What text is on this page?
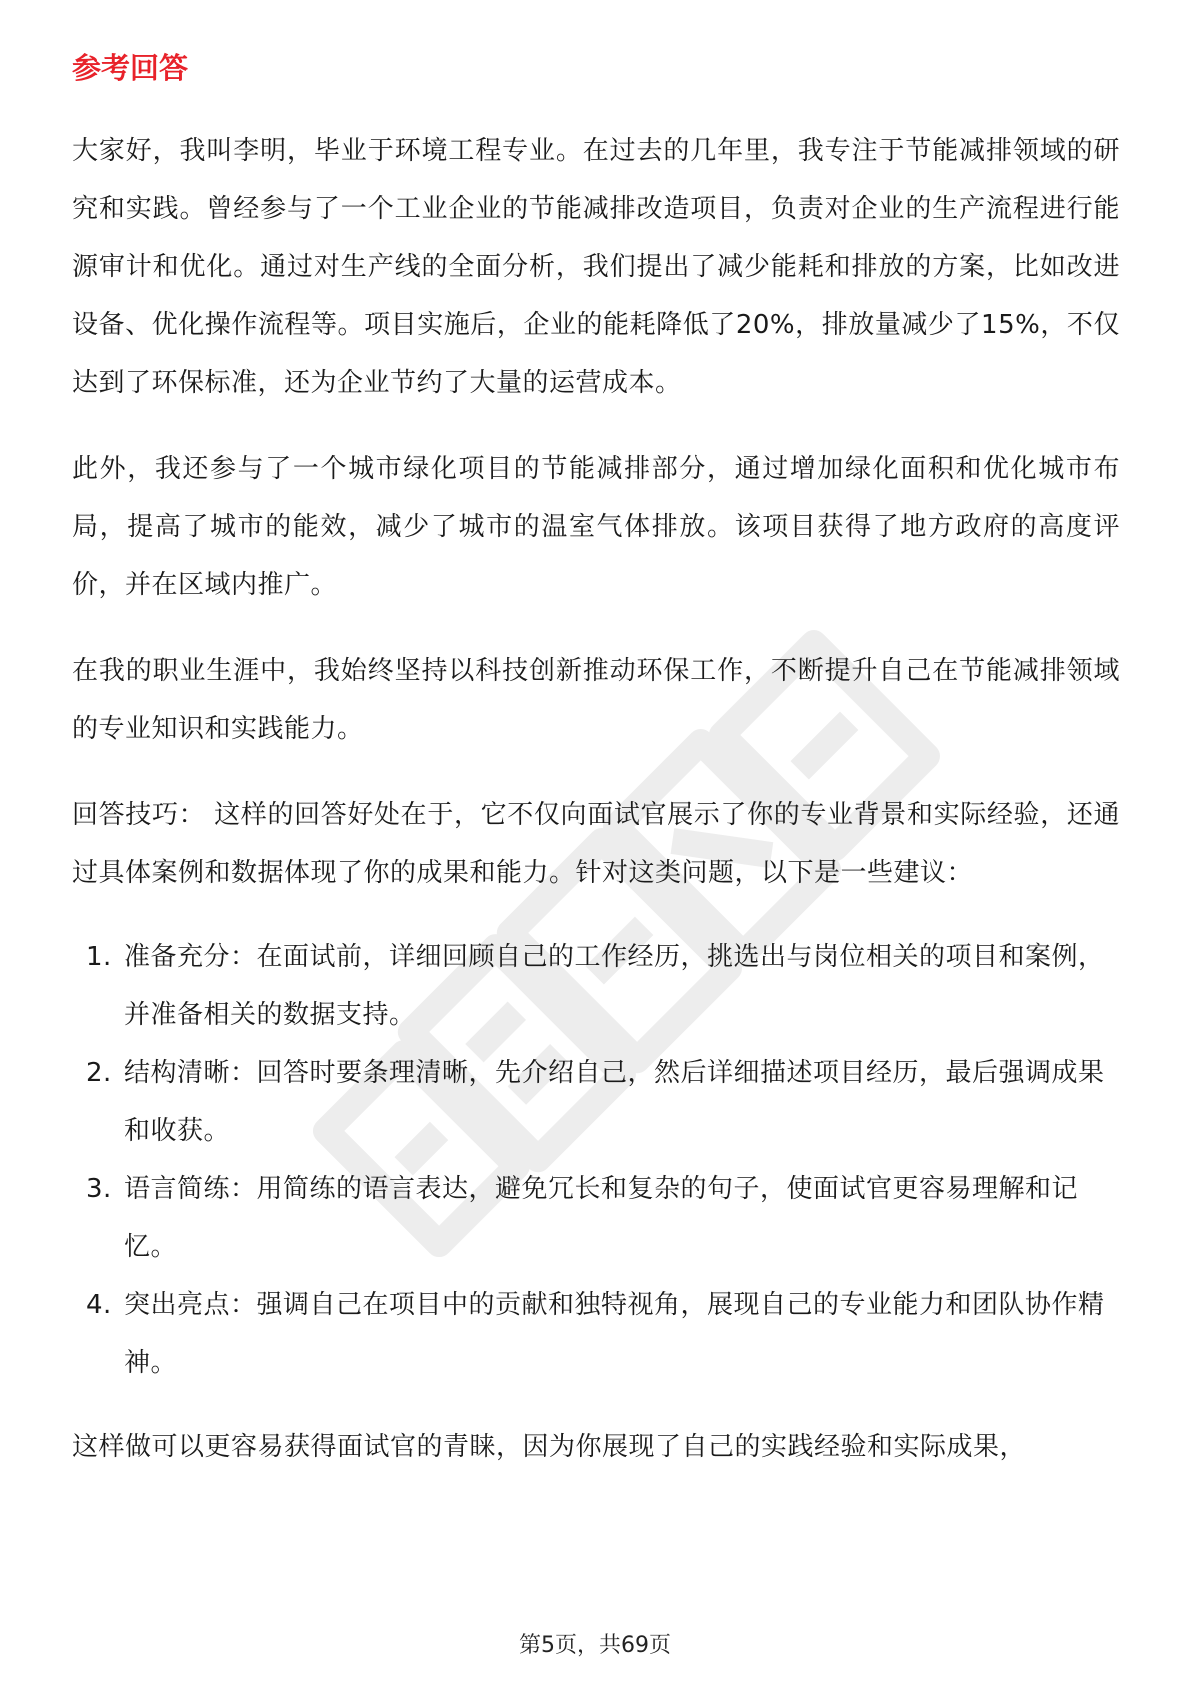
参考回答

大家好，我叫李明，毕业于环境工程专业。在过去的几年里，我专注于节能减排领域的研究和实践。曾经参与了一个工业企业的节能减排改造项目，负责对企业的生产流程进行能源审计和优化。通过对生产线的全面分析，我们提出了减少能耗和排放的方案，比如改进设备、优化操作流程等。项目实施后，企业的能耗降低了20%，排放量减少了15%，不仅达到了环保标准，还为企业节约了大量的运营成本。

此外，我还参与了一个城市绿化项目的节能减排部分，通过增加绿化面积和优化城市布局，提高了城市的能效，减少了城市的温室气体排放。该项目获得了地方政府的高度评价，并在区域内推广。

在我的职业生涯中，我始终坚持以科技创新推动环保工作，不断提升自己在节能减排领域的专业知识和实践能力。

回答技巧： 这样的回答好处在于，它不仅向面试官展示了你的专业背景和实际经验，还通过具体案例和数据体现了你的成果和能力。针对这类问题，以下是一些建议：

1. 准备充分：在面试前，详细回顾自己的工作经历，挑选出与岗位相关的项目和案例，并准备相关的数据支持。
2. 结构清晰：回答时要条理清晰，先介绍自己，然后详细描述项目经历，最后强调成果和收获。
3. 语言简练：用简练的语言表达，避免冗长和复杂的句子，使面试官更容易理解和记忆。
4. 突出亮点：强调自己在项目中的贡献和独特视角，展现自己的专业能力和团队协作精神。

这样做可以更容易获得面试官的青睐，因为你展现了自己的实践经验和实际成果，

第5页，共69页
